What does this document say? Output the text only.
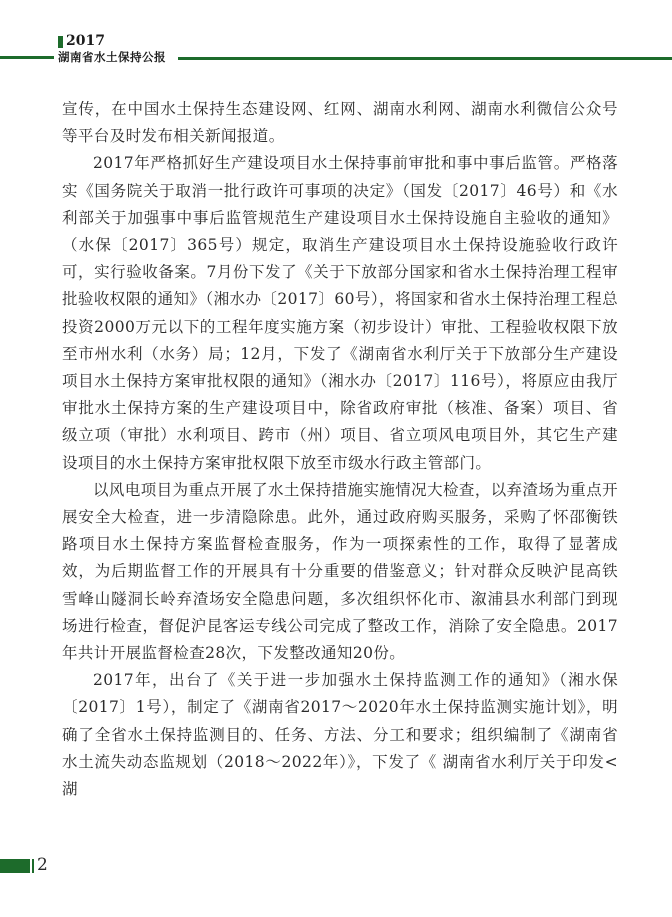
2017
湖南省水土保持公报

宣传，在中国水土保持生态建设网、红网、湖南水利网、湖南水利微信公众号等平台及时发布相关新闻报道。

2017年严格抓好生产建设项目水土保持事前审批和事中事后监管。严格落实《国务院关于取消一批行政许可事项的决定》（国发〔2017〕46号）和《水利部关于加强事中事后监管规范生产建设项目水土保持设施自主验收的通知》（水保〔2017〕365号）规定，取消生产建设项目水土保持设施验收行政许可，实行验收备案。7月份下发了《关于下放部分国家和省水土保持治理工程审批验收权限的通知》（湘水办〔2017〕60号），将国家和省水土保持治理工程总投资2000万元以下的工程年度实施方案（初步设计）审批、工程验收权限下放至市州水利（水务）局；12月，下发了《湖南省水利厅关于下放部分生产建设项目水土保持方案审批权限的通知》（湘水办〔2017〕116号），将原应由我厅审批水土保持方案的生产建设项目中，除省政府审批（核准、备案）项目、省级立项（审批）水利项目、跨市（州）项目、省立项风电项目外，其它生产建设项目的水土保持方案审批权限下放至市级水行政主管部门。

以风电项目为重点开展了水土保持措施实施情况大检查，以弃渣场为重点开展安全大检查，进一步清隐除患。此外，通过政府购买服务，采购了怀邵衡铁路项目水土保持方案监督检查服务，作为一项探索性的工作，取得了显著成效，为后期监督工作的开展具有十分重要的借鉴意义；针对群众反映沪昆高铁雪峰山隧洞长岭弃渣场安全隐患问题，多次组织怀化市、溆浦县水利部门到现场进行检查，督促沪昆客运专线公司完成了整改工作，消除了安全隐患。2017年共计开展监督检查28次，下发整改通知20份。

2017年，出台了《关于进一步加强水土保持监测工作的通知》（湘水保〔2017〕1号），制定了《湖南省2017～2020年水土保持监测实施计划》，明确了全省水土保持监测目的、任务、方法、分工和要求；组织编制了《湖南省水土流失动态监规划（2018～2022年）》，下发了《 湖南省水利厅关于印发<湖

2
